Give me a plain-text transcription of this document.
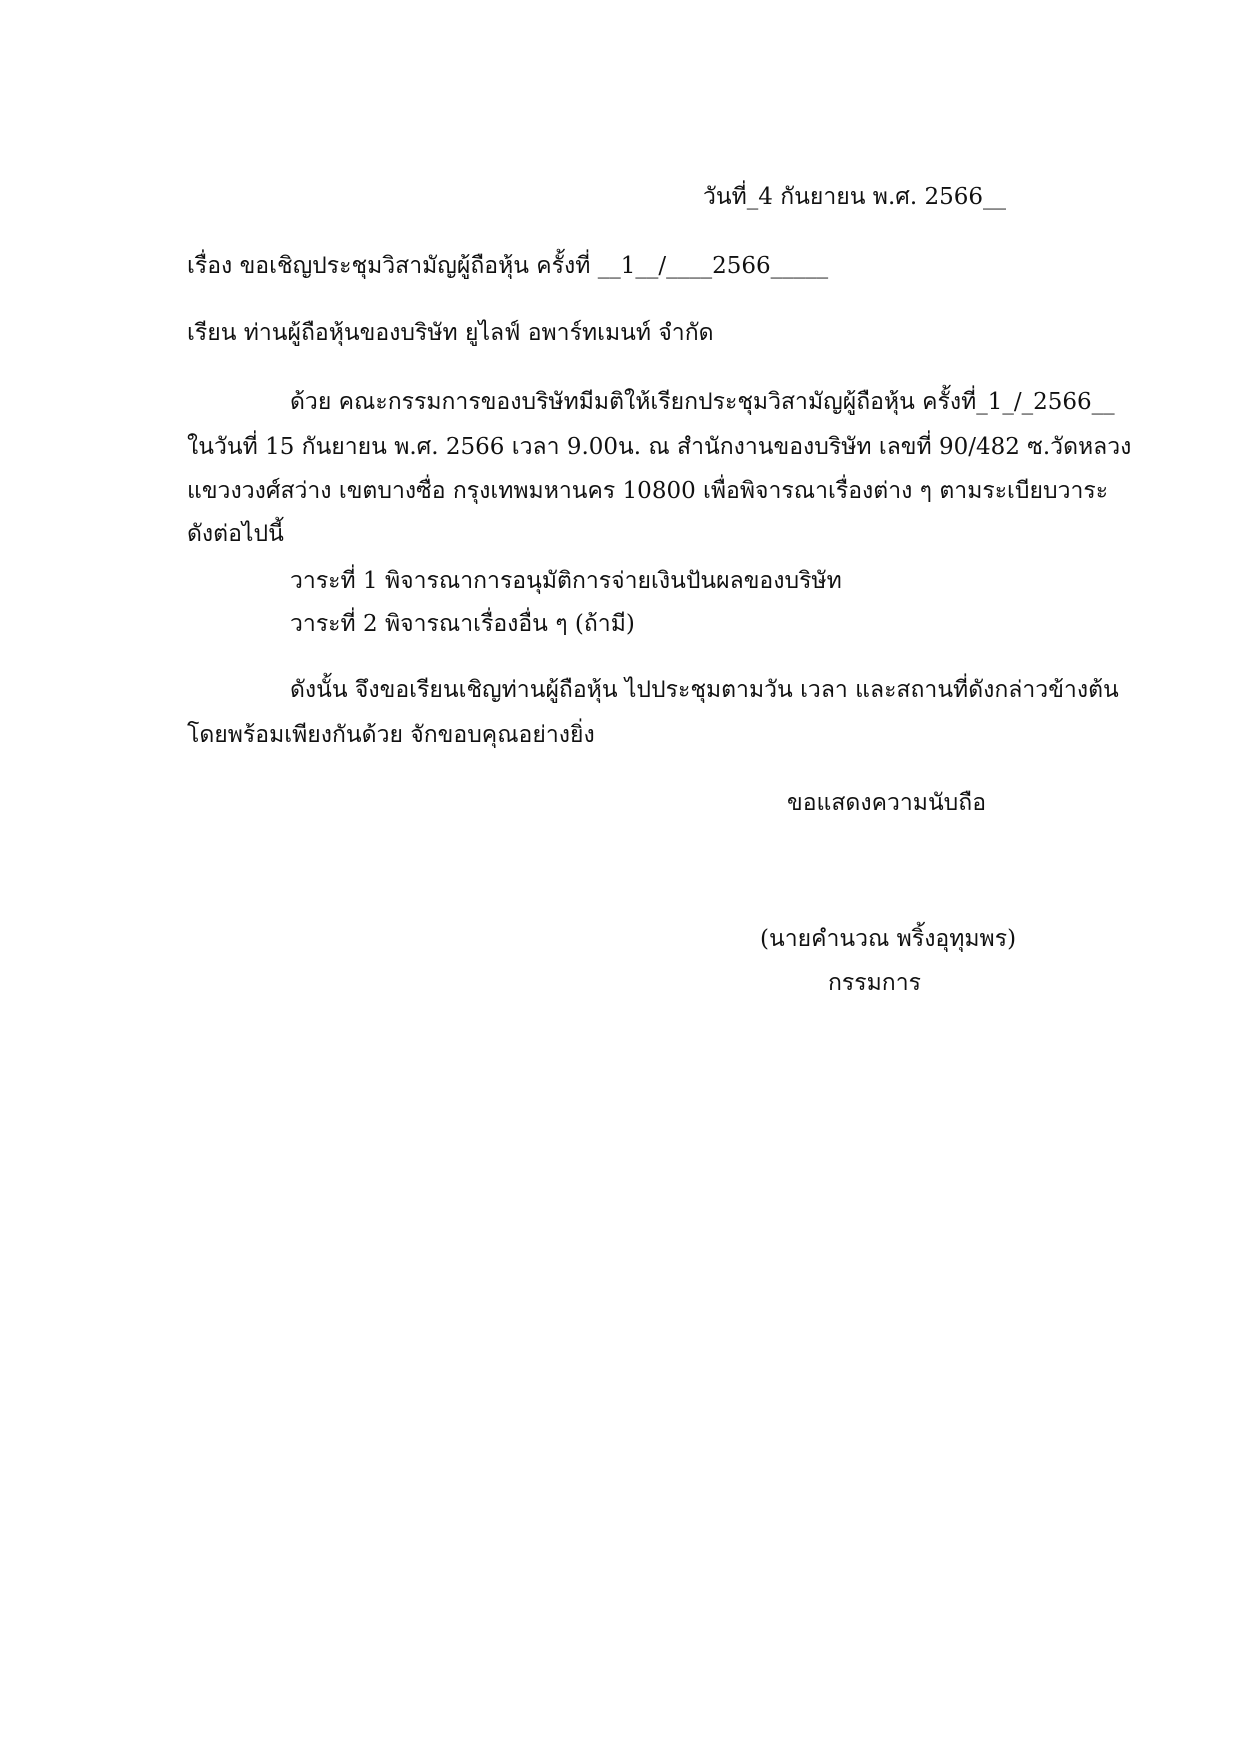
วันที่_4 กันยายน พ.ศ. 2566__
เรื่อง ขอเชิญประชุมวิสามัญผู้ถือหุ้น ครั้งที่ __1__/____2566_____
เรียน ท่านผู้ถือหุ้นของบริษัท ยูไลฟ์ อพาร์ทเมนท์ จำกัด
ด้วย คณะกรรมการของบริษัทมีมติให้เรียกประชุมวิสามัญผู้ถือหุ้น ครั้งที่_1_/_2566__
ในวันที่ 15 กันยายน พ.ศ. 2566 เวลา 9.00น. ณ สำนักงานของบริษัท เลขที่ 90/482 ซ.วัดหลวง
แขวงวงศ์สว่าง เขตบางซื่อ กรุงเทพมหานคร 10800 เพื่อพิจารณาเรื่องต่าง ๆ ตามระเบียบวาระ
ดังต่อไปนี้
วาระที่ 1 พิจารณาการอนุมัติการจ่ายเงินปันผลของบริษัท
วาระที่ 2 พิจารณาเรื่องอื่น ๆ (ถ้ามี)
ดังนั้น จึงขอเรียนเชิญท่านผู้ถือหุ้น ไปประชุมตามวัน เวลา และสถานที่ดังกล่าวข้างต้น
โดยพร้อมเพียงกันด้วย จักขอบคุณอย่างยิ่ง
ขอแสดงความนับถือ
(นายคำนวณ พริ้งอุทุมพร)
กรรมการ
